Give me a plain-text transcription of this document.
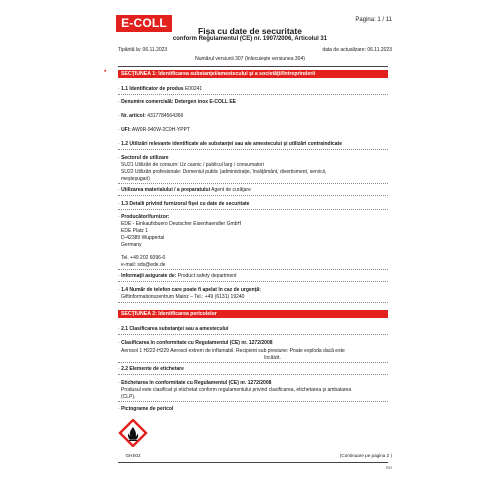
E-COLL	Pagina: 1 / 11
Fişa cu date de securitate
conform Regulamentul (CE) nr. 1907/2006, Articolul 31
Tipărită la: 06.11.2023	data de actualizare: 06.11.2023
Numărul versiunii 307 (înlocuieşte versiunea 304)
*	SECŢIUNEA 1: Identificarea substanţei/amestecului şi a societăţii/întreprinderii
· 1.1 Identificator de produs E00241
· Denumire comercială: Detergen inox E-COLL EE
· Nr. articol: 4317784564366
· UFI: AW0R-940W-2C0H-YPPT
· 1.2 Utilizări relevante identificate ale substanţei sau ale amestecului şi utilizări contraindicate
· Sectorul de utilizare
SU21 Utilizări de consum: Uz casnic / publicul larg / consumatori
SU22 Utilizări profesionale: Domeniul public (administraţie, învăţământ, divertisment, servicii,
meşteşugari)
· Utilizarea materialului / a preparatului Agent de curăţare
· 1.3 Detalii privind furnizorul fişei cu date de securitate
· Producător/furnizor:
EDE - Einkaufsbuero Deutscher Eisenhaendler GmbH
EDE Platz 1
D-42389 Wuppertal
Germany
Tel. +49 202 6096-0
e-mail: sds@ede.de
· Informaţii asigurate de: Product safety department
· 1.4 Număr de telefon care poate fi apelat în caz de urgenţă:
Giftinformationszentrum Mainz – Tel.: +49 (6131) 19240
SECŢIUNEA 2: Identificarea pericolelor
· 2.1 Clasificarea substanţei sau a amestecului
· Clasificarea în conformitate cu Regulamentul (CE) nr. 1272/2008
Aerosol 1 H222-H229 Aerosol extrem de inflamabil. Recipient sub presiune: Poate exploda dacă este
încălzit.
· 2.2 Elemente de etichetare
· Etichetarea în conformitate cu Regulamentul (CE) nr. 1272/2008
Produsul este clasificat şi etichetat conform regulamentului privind clasificarea, etichetarea şi ambalarea
(CLP).
· Pictograme de pericol
GHS02	(Continuare pe pagina 2 )
RO
